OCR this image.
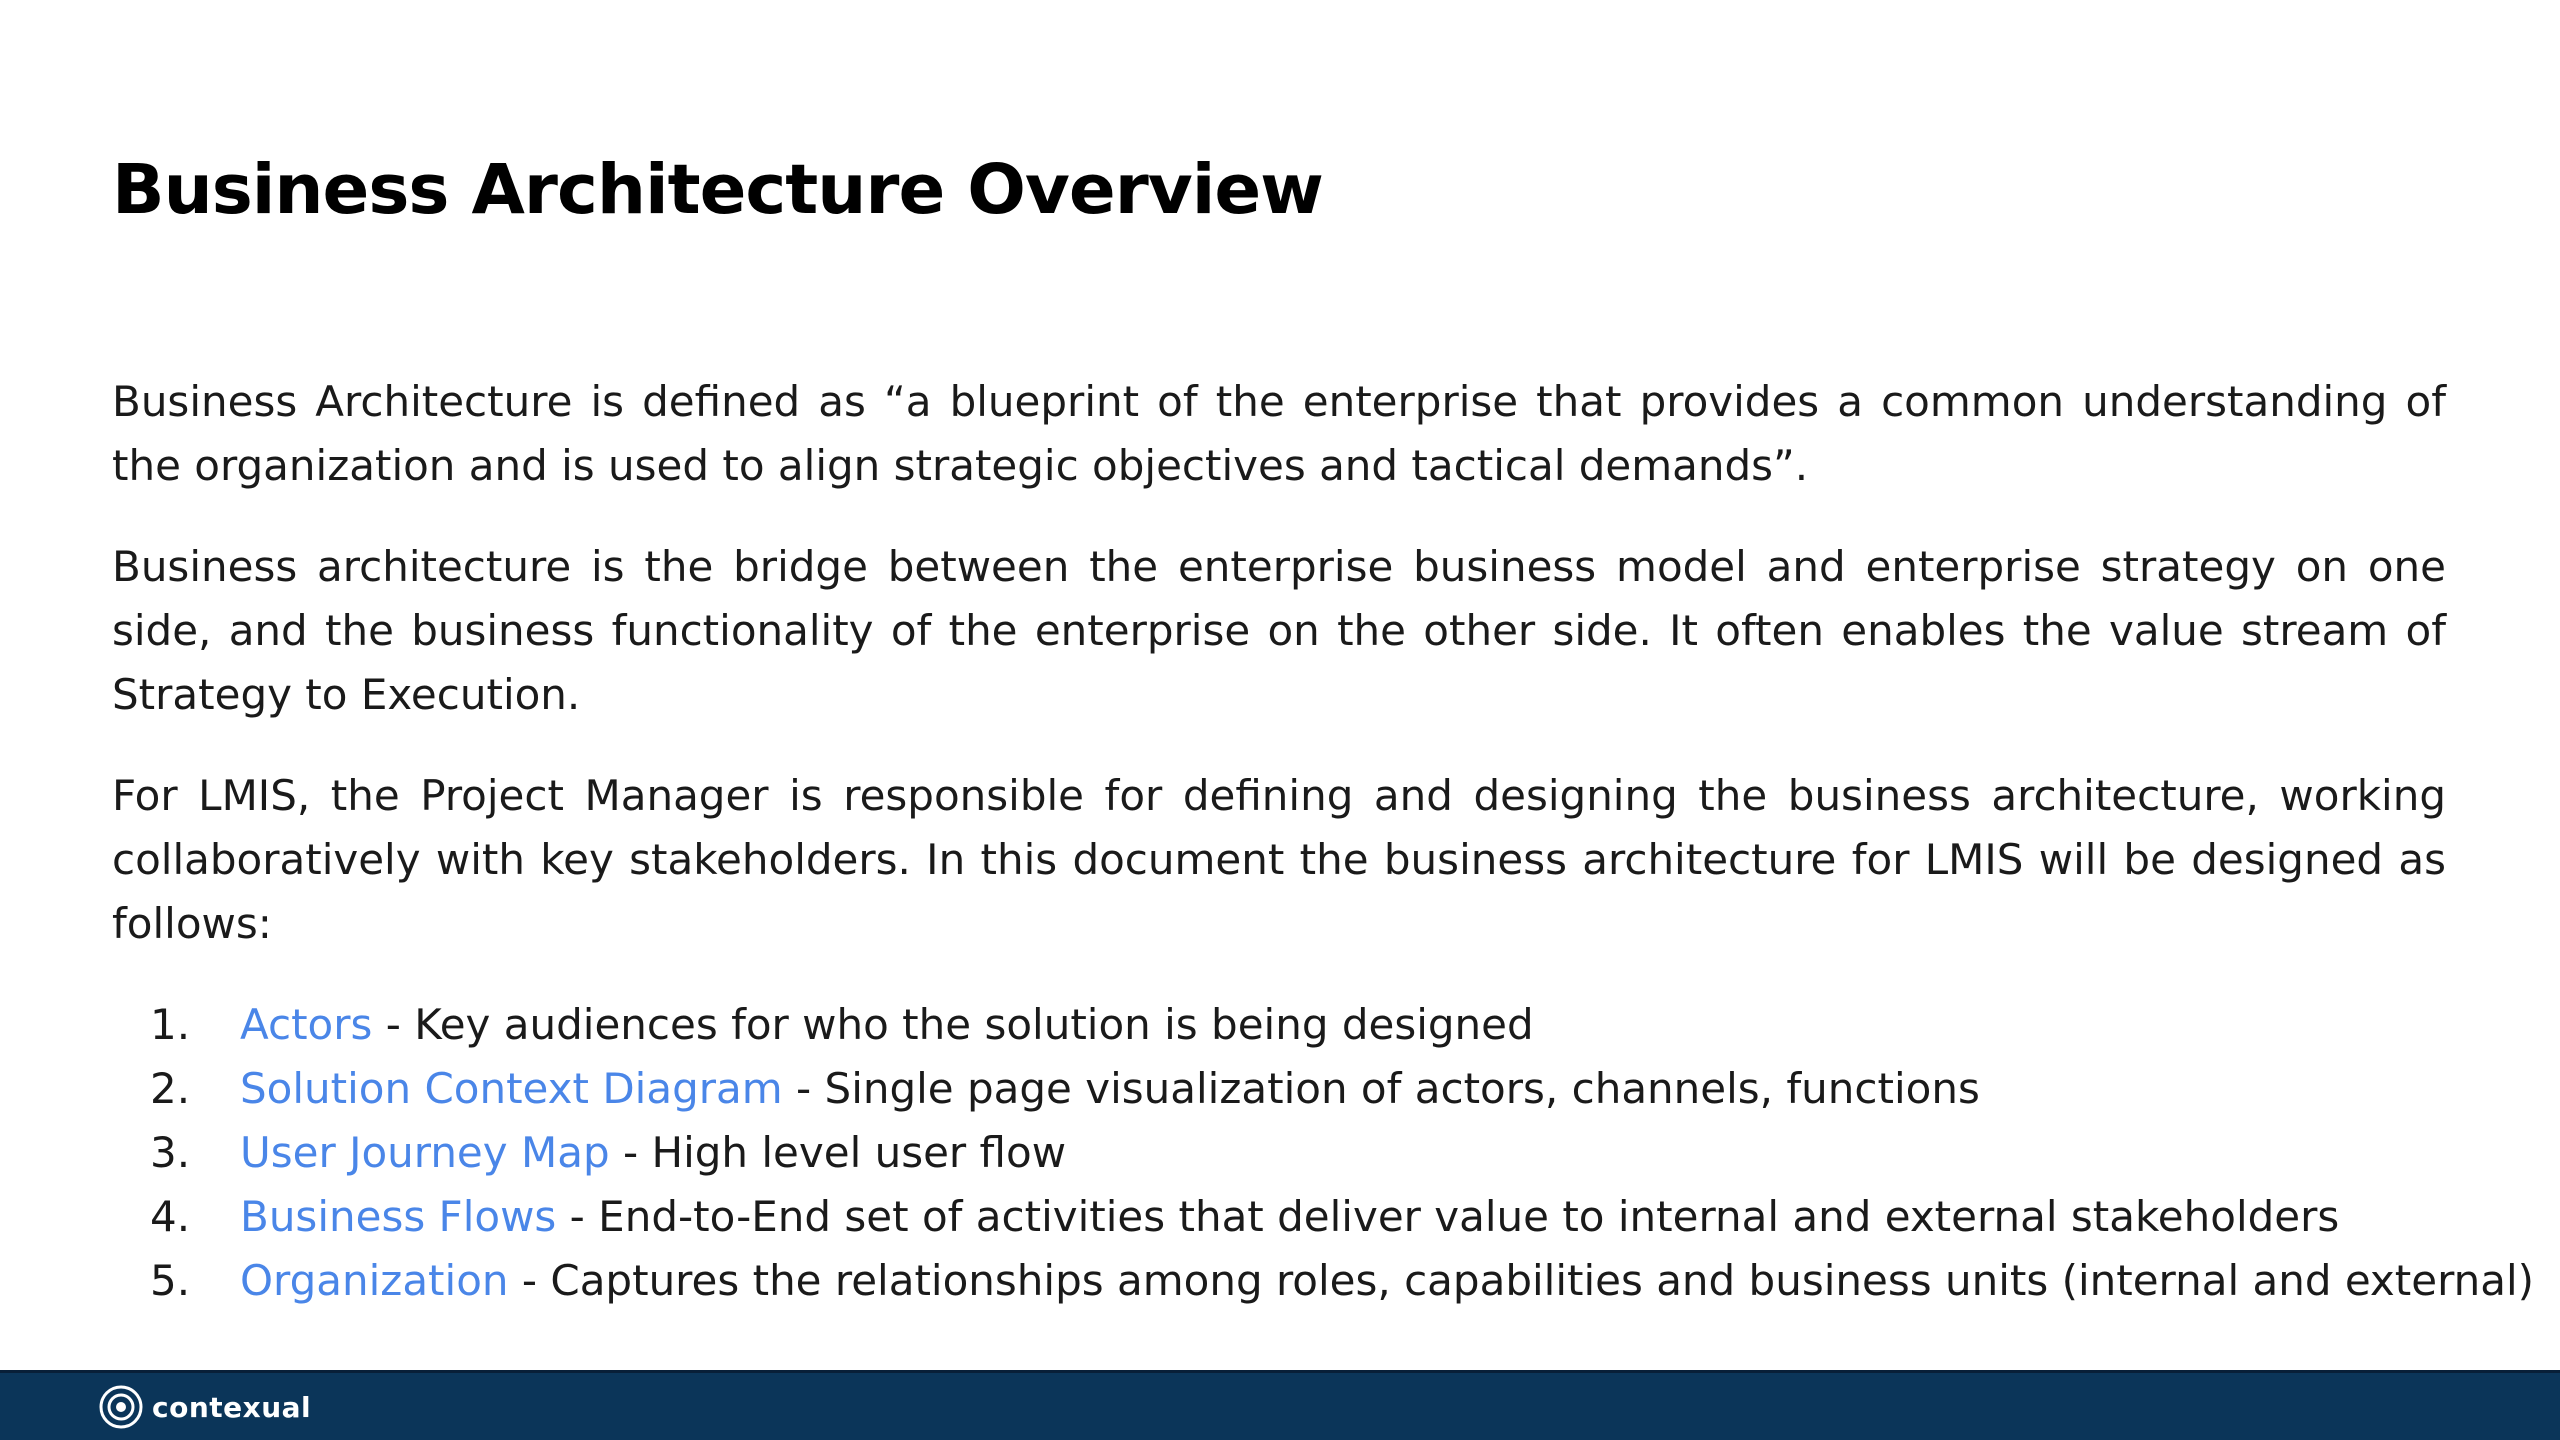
Business Architecture Overview

Business Architecture is defined as “a blueprint of the enterprise that provides a common understanding of the organization and is used to align strategic objectives and tactical demands”.

Business architecture is the bridge between the enterprise business model and enterprise strategy on one side, and the business functionality of the enterprise on the other side. It often enables the value stream of Strategy to Execution.

For LMIS, the Project Manager is responsible for defining and designing the business architecture, working collaboratively with key stakeholders. In this document the business architecture for LMIS will be designed as follows:

1. Actors - Key audiences for who the solution is being designed
2. Solution Context Diagram - Single page visualization of actors, channels, functions
3. User Journey Map - High level user flow
4. Business Flows - End-to-End set of activities that deliver value to internal and external stakeholders
5. Organization - Captures the relationships among roles, capabilities and business units (internal and external)
contexual
